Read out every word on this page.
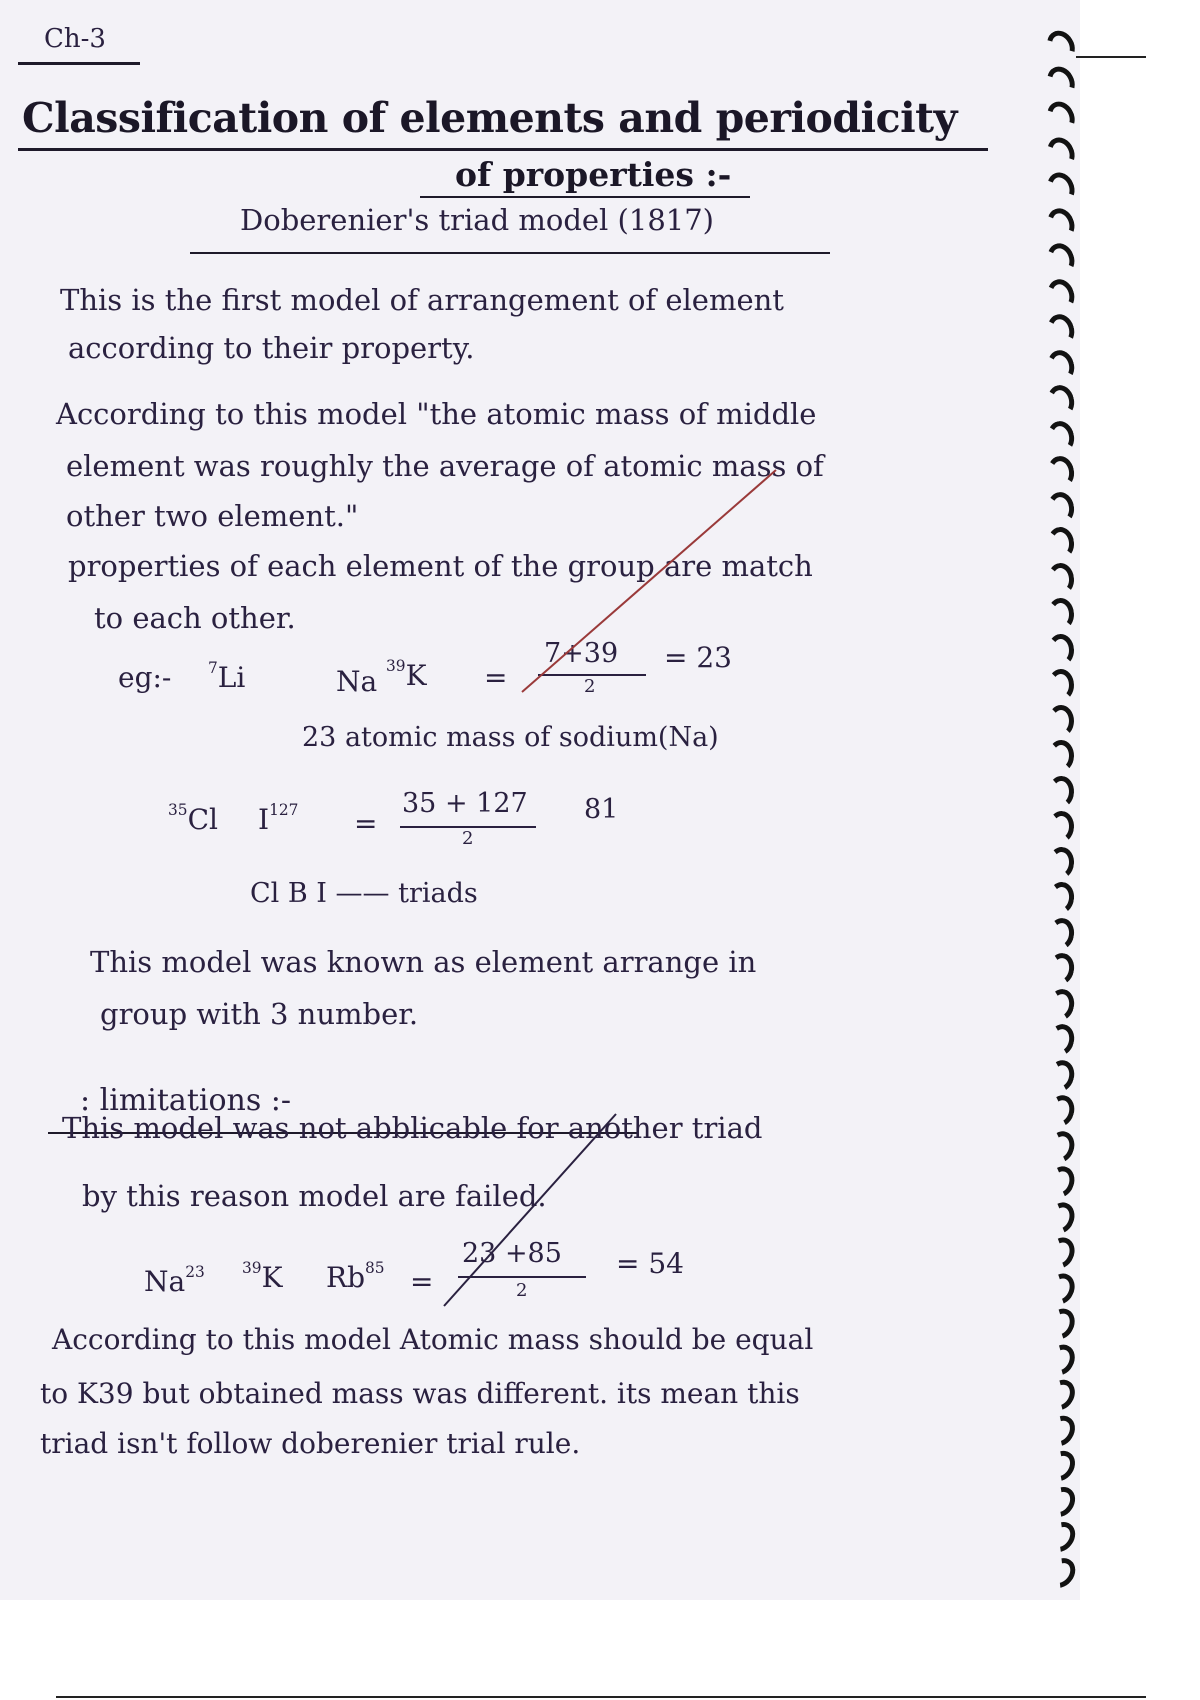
Ch-3
Classification of elements and periodicity
of properties :-
Doberenier's triad model (1817)
This is the first model of arrangement of element
according to their property.
According to this model "the atomic mass of middle
element was roughly the average of atomic mass of
other two element."
properties of each element of the group are match
to each other.
eg:- $^7$Li	Na $^{39}$K =
7+39
2
= 23
23 atomic mass of sodium(Na)
$^{35}$Cl $I^{127}$ =
35 + 127
2
81
Cl B I —— triads
This model was known as element arrange in
group with 3 number.
: limitations :-
This model was not abblicable for another triad
by this reason model are failed.
Na$^{23}$ $^{39}$K $Rb^{85}$ =
23 +85
2
= 54
According to this model Atomic mass should be equal
to K39 but obtained mass was different. its mean this
triad isn't follow doberenier trial rule.
